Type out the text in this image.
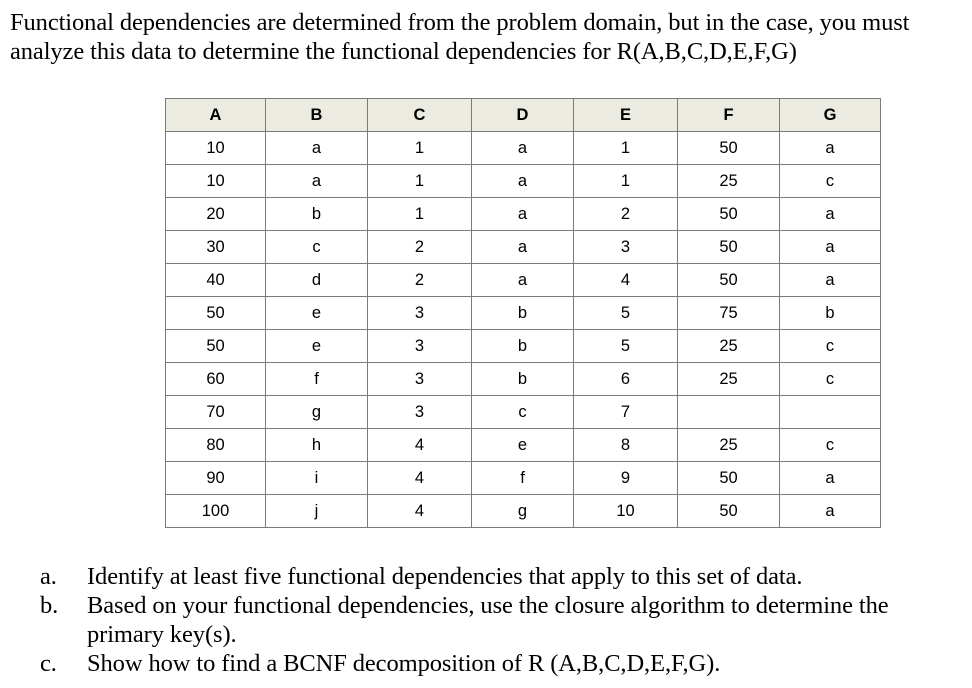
Functional dependencies are determined from the problem domain, but in the case, you must
analyze this data to determine the functional dependencies for R(A,B,C,D,E,F,G)
A	B	C	D	E	F	G
10	a	1	a	1	50	a
10	a	1	a	1	25	c
20	b	1	a	2	50	a
30	c	2	a	3	50	a
40	d	2	a	4	50	a
50	e	3	b	5	75	b
50	e	3	b	5	25	c
60	f	3	b	6	25	c
70	g	3	c	7		
80	h	4	e	8	25	c
90	i	4	f	9	50	a
100	j	4	g	10	50	a
a. Identify at least five functional dependencies that apply to this set of data.
b. Based on your functional dependencies, use the closure algorithm to determine the primary key(s).
c. Show how to find a BCNF decomposition of R (A,B,C,D,E,F,G).
